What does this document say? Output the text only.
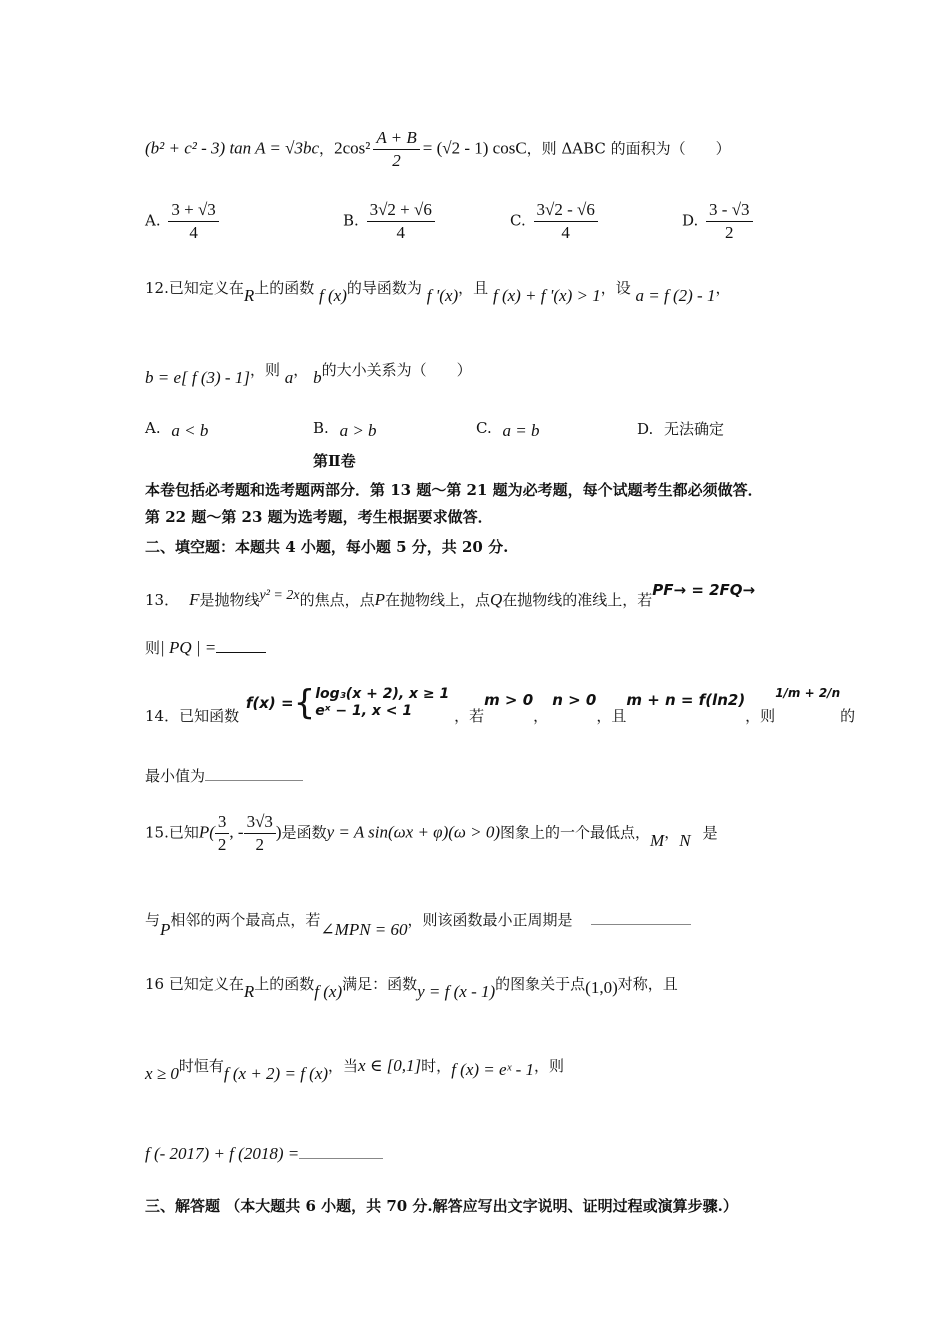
(b² + c² - 3) tan A = √3bc，$2\cos^2 \frac{A + B}{2} = (√2 - 1)$ cosC，则 ΔABC 的面积为（　　）
A. $\frac{3 + √3}{4}$	B. $\frac{3√2 + √6}{4}$	C. $\frac{3√2 - √6}{4}$	D. $\frac{3 - √3}{2}$
12.已知定义在R上的函数 f (x)的导函数为 f '(x)，且 f (x) + f '(x) > 1，设 a = f (2) - 1，
b = e[ f (3) - 1]，则 a， b的大小关系为（　　）
A. a < b	B. a > b	C. a = b	D. 无法确定
第Ⅱ卷
本卷包括必考题和选考题两部分．第 13 题～第 21 题为必考题，每个试题考生都必须做答．
第 22 题～第 23 题为选考题，考生根据要求做答．
二、填空题：本题共 4 小题，每小题 5 分，共 20 分.
13． F是抛物线y² = 2x的焦点，点P在抛物线上，点Q在抛物线的准线上，若PF→ = 2FQ→
则| PQ | =
14．已知函数
f(x) = { log₃(x + 2), x ≥ 1
eˣ − 1, x < 1	，若m > 0，n > 0，且m + n = f(ln2)，则$^{1/m + 2/n}$的
最小值为
15.已知$P( \frac{3}{2}$ , - $\frac{3√3}{2}$ )是函数y = A sin(ωx + φ)(ω > 0)图象上的一个最低点，M，N 是
与P相邻的两个最高点，若∠MPN = 60，则该函数最小正周期是
16 已知定义在R上的函数f (x)满足：函数y = f (x - 1)的图象关于点(1,0)对称，且
x ≥ 0时恒有f (x + 2) = f (x)，当x ∈ [0,1]时，f (x) = eˣ - 1，则
f (- 2017) + f (2018) =
三、解答题 （本大题共 6 小题，共 70 分.解答应写出文字说明、证明过程或演算步骤.）
